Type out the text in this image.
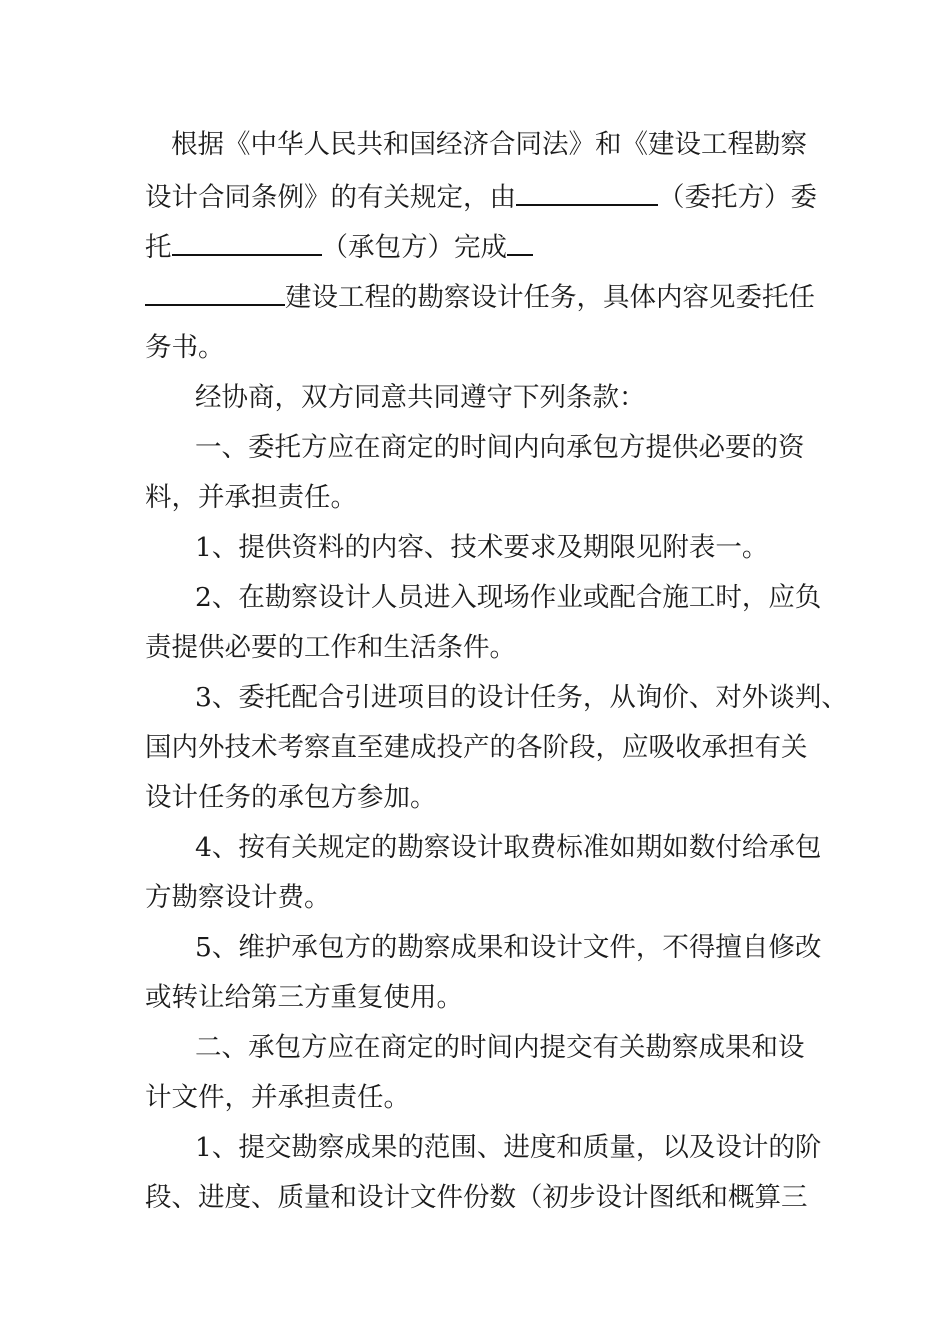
根据《中华人民共和国经济合同法》和《建设工程勘察
设计合同条例》的有关规定，由	（委托方）委
托	（承包方）完成
建设工程的勘察设计任务，具体内容见委托任
务书。
经协商，双方同意共同遵守下列条款：
一、委托方应在商定的时间内向承包方提供必要的资
料，并承担责任。
1、提供资料的内容、技术要求及期限见附表一。
2、在勘察设计人员进入现场作业或配合施工时，应负
责提供必要的工作和生活条件。
3、委托配合引进项目的设计任务，从询价、对外谈判、
国内外技术考察直至建成投产的各阶段，应吸收承担有关
设计任务的承包方参加。
4、按有关规定的勘察设计取费标准如期如数付给承包
方勘察设计费。
5、维护承包方的勘察成果和设计文件，不得擅自修改
或转让给第三方重复使用。
二、承包方应在商定的时间内提交有关勘察成果和设
计文件，并承担责任。
1、提交勘察成果的范围、进度和质量，以及设计的阶
段、进度、质量和设计文件份数（初步设计图纸和概算三
